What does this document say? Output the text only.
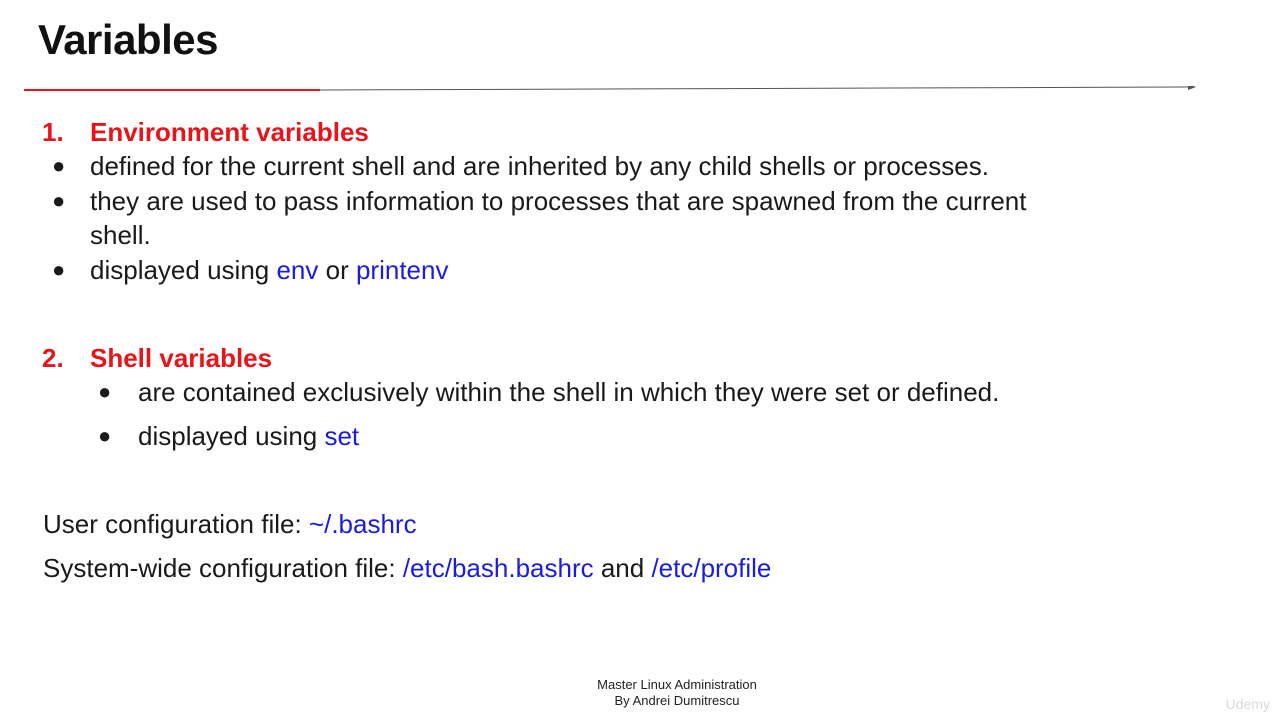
Variables
1. Environment variables
● defined for the current shell and are inherited by any child shells or processes.
● they are used to pass information to processes that are spawned from the current
shell.
● displayed using env or printenv
2. Shell variables
● are contained exclusively within the shell in which they were set or defined.
● displayed using set
User configuration file: ~/.bashrc
System-wide configuration file: /etc/bash.bashrc and /etc/profile
Master Linux Administration
By Andrei Dumitrescu	Udemy
